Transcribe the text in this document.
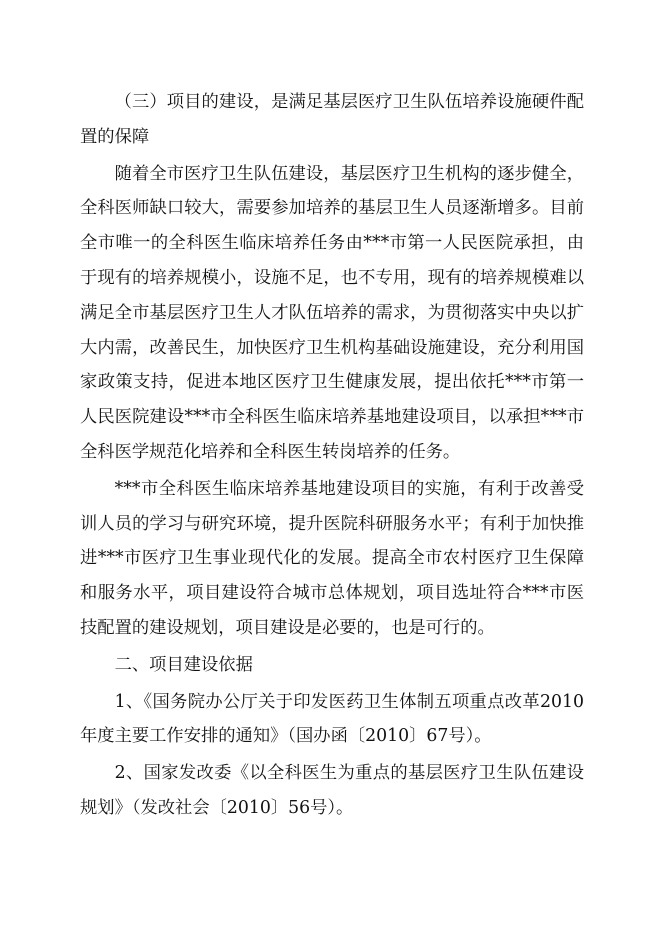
（三）项目的建设，是满足基层医疗卫生队伍培养设施硬件配置的保障

随着全市医疗卫生队伍建设，基层医疗卫生机构的逐步健全，全科医师缺口较大，需要参加培养的基层卫生人员逐渐增多。目前全市唯一的全科医生临床培养任务由***市第一人民医院承担，由于现有的培养规模小，设施不足，也不专用，现有的培养规模难以满足全市基层医疗卫生人才队伍培养的需求，为贯彻落实中央以扩大内需，改善民生，加快医疗卫生机构基础设施建设，充分利用国家政策支持，促进本地区医疗卫生健康发展，提出依托***市第一人民医院建设***市全科医生临床培养基地建设项目，以承担***市全科医学规范化培养和全科医生转岗培养的任务。

***市全科医生临床培养基地建设项目的实施，有利于改善受训人员的学习与研究环境，提升医院科研服务水平；有利于加快推进***市医疗卫生事业现代化的发展。提高全市农村医疗卫生保障和服务水平，项目建设符合城市总体规划，项目选址符合***市医技配置的建设规划，项目建设是必要的，也是可行的。

二、项目建设依据

1、《国务院办公厅关于印发医药卫生体制五项重点改革2010年度主要工作安排的通知》（国办函〔2010〕67号）。

2、国家发改委《以全科医生为重点的基层医疗卫生队伍建设规划》（发改社会〔2010〕56号）。
